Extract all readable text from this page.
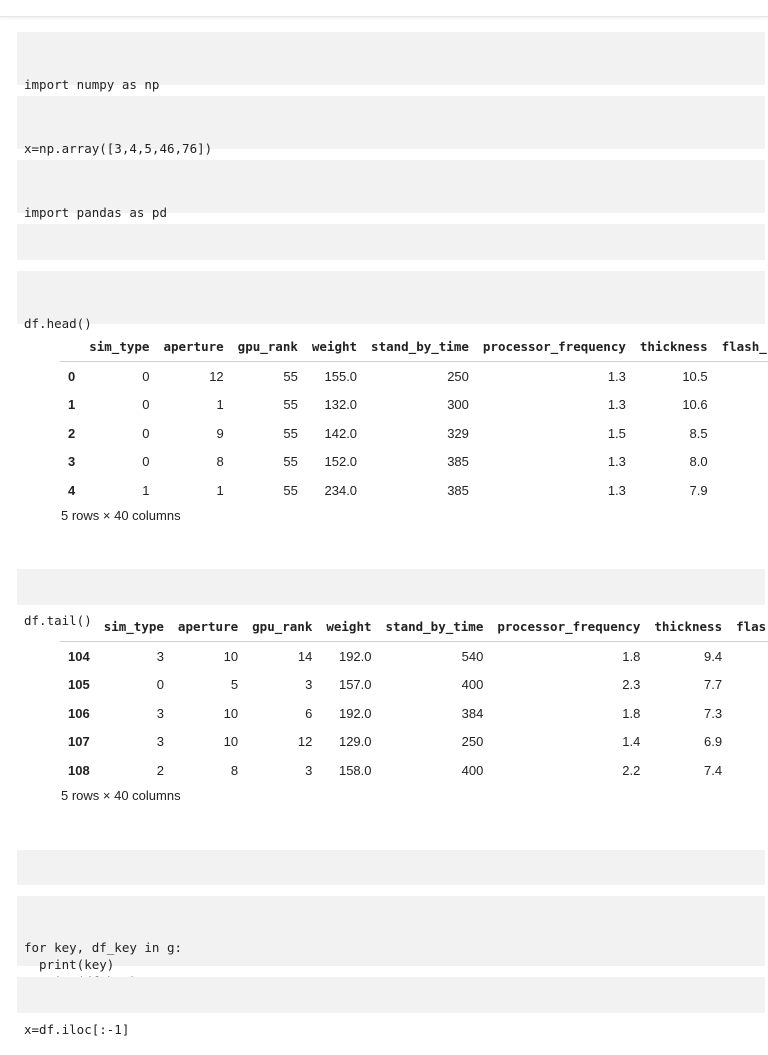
import numpy as np

x=np.array([3,4,5,46,76])

import pandas as pd

df.head()

	sim_type	aperture	gpu_rank	weight	stand_by_time	processor_frequency	thickness	flash_
0	0	12	55	155.0	250	1.3	10.5	
1	0	1	55	132.0	300	1.3	10.6	
2	0	9	55	142.0	329	1.5	8.5	
3	0	8	55	152.0	385	1.3	8.0	
4	1	1	55	234.0	385	1.3	7.9	
5 rows × 40 columns

df.tail()

	sim_type	aperture	gpu_rank	weight	stand_by_time	processor_frequency	thickness	flas
104	3	10	14	192.0	540	1.8	9.4	
105	0	5	3	157.0	400	2.3	7.7	
106	3	10	6	192.0	384	1.8	7.3	
107	3	10	12	129.0	250	1.4	6.9	
108	2	8	3	158.0	400	2.2	7.4	
5 rows × 40 columns

for key, df_key in g:
print(key)

x=df.iloc[:-1]
